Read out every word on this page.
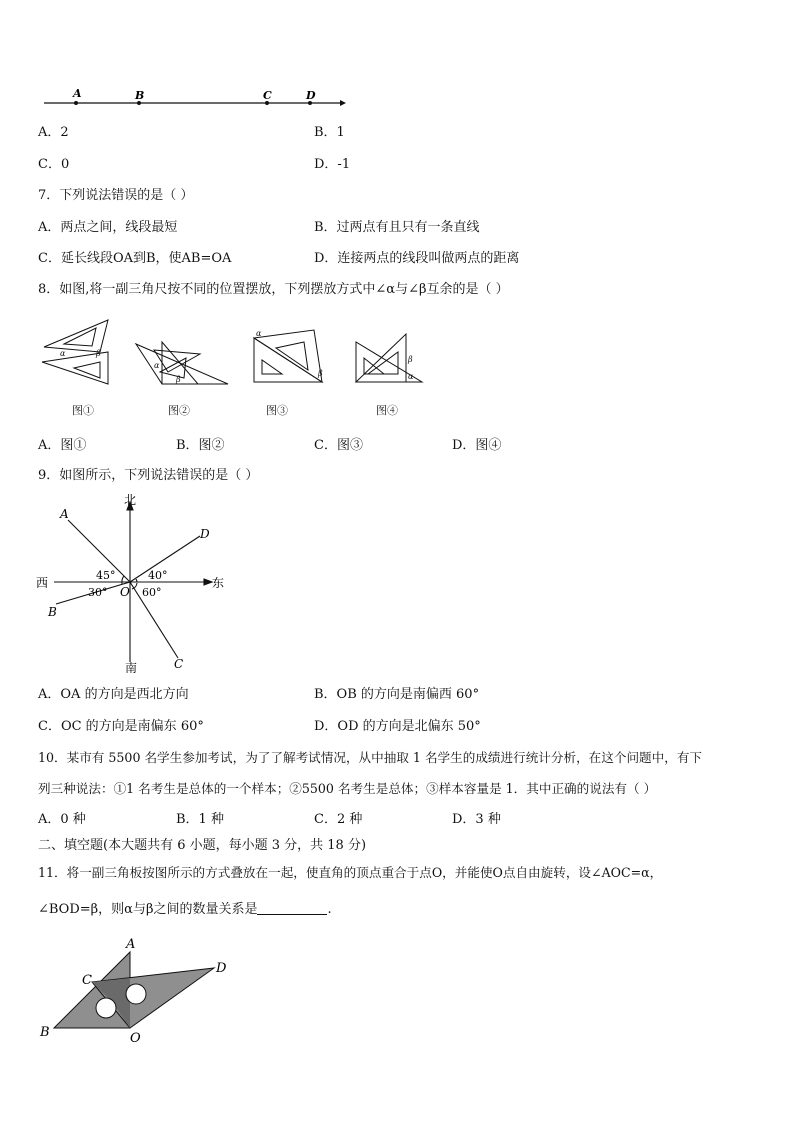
A	B	C	D
A．2	B．1
C．0	D．-1
7．下列说法错误的是（ ）
A．两点之间，线段最短	B．过两点有且只有一条直线
C．延长线段OA到B，使AB=OA	D．连接两点的线段叫做两点的距离
8．如图,将一副三角尺按不同的位置摆放，下列摆放方式中∠α与∠β互余的是（ ）
α	β
α
β
α
β
β
α
图①	图②	图③	图④
A．图①	B．图②	C．图③	D．图④
9．如图所示，下列说法错误的是（ ）
北
南
西	东
A
B
C
D
O
45°	40°
30°	60°
A．OA 的方向是西北方向	B．OB 的方向是南偏西 60°
C．OC 的方向是南偏东 60°	D．OD 的方向是北偏东 50°
10．某市有 5500 名学生参加考试，为了了解考试情况，从中抽取 1 名学生的成绩进行统计分析，在这个问题中，有下
列三种说法：①1 名考生是总体的一个样本；②5500 名考生是总体；③样本容量是 1．其中正确的说法有（ ）
A．0 种	B．1 种	C．2 种	D．3 种
二、填空题(本大题共有 6 小题，每小题 3 分，共 18 分)
11．将一副三角板按图所示的方式叠放在一起，使直角的顶点重合于点O，并能使O点自由旋转，设∠AOC=α，
∠BOD=β，则α与β之间的数量关系是	.
A
B
C
D
O
